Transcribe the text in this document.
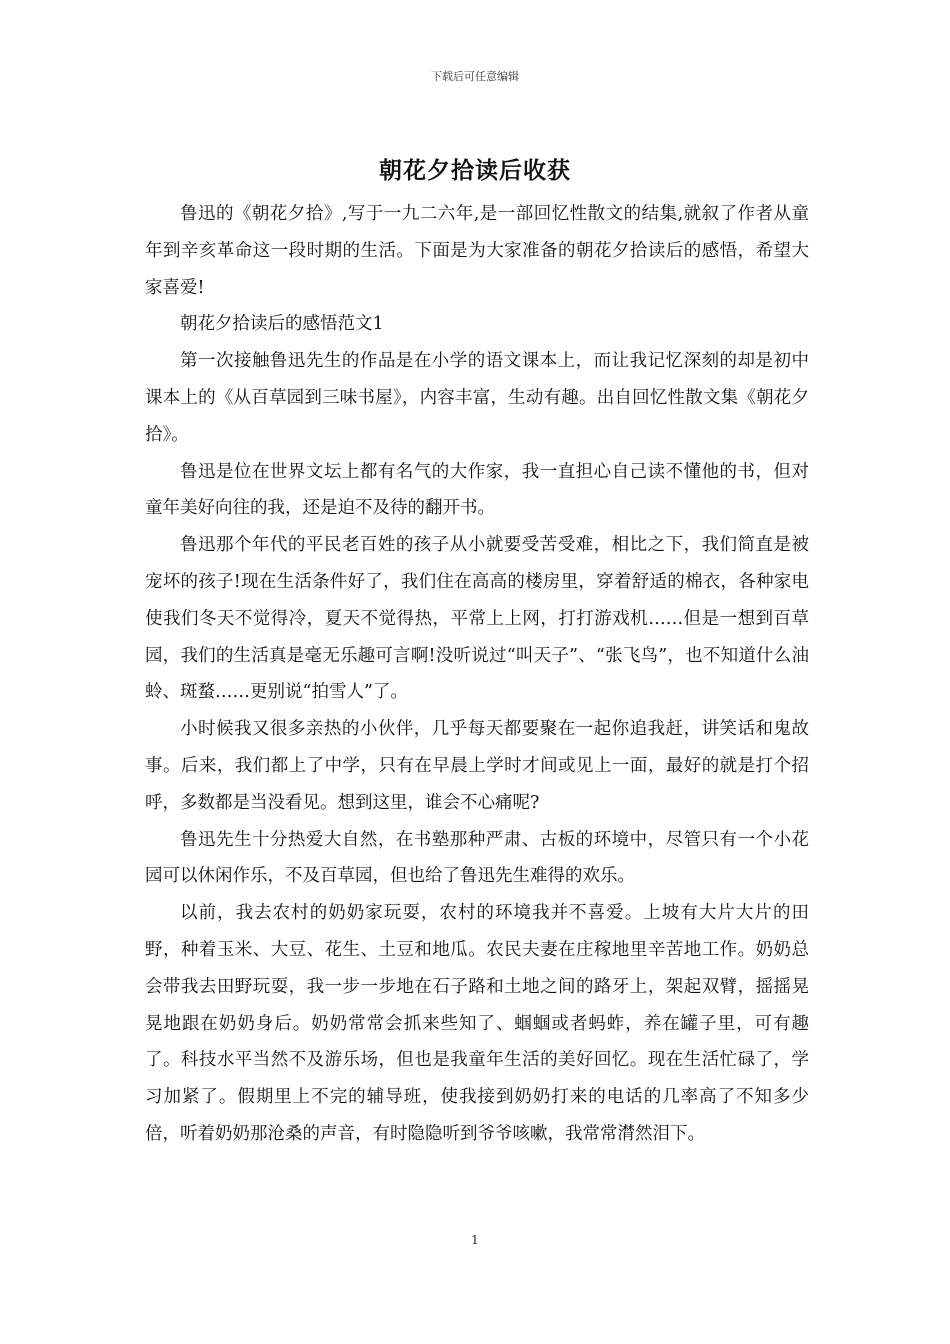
下载后可任意编辑
朝花夕拾读后收获

鲁迅的《朝花夕拾》,写于一九二六年,是一部回忆性散文的结集,就叙了作者从童年到辛亥革命这一段时期的生活。下面是为大家准备的朝花夕拾读后的感悟，希望大家喜爱!

朝花夕拾读后的感悟范文1

第一次接触鲁迅先生的作品是在小学的语文课本上，而让我记忆深刻的却是初中课本上的《从百草园到三味书屋》，内容丰富，生动有趣。出自回忆性散文集《朝花夕拾》。

鲁迅是位在世界文坛上都有名气的大作家，我一直担心自己读不懂他的书，但对童年美好向往的我，还是迫不及待的翻开书。

鲁迅那个年代的平民老百姓的孩子从小就要受苦受难，相比之下，我们简直是被宠坏的孩子!现在生活条件好了，我们住在高高的楼房里，穿着舒适的棉衣，各种家电使我们冬天不觉得冷，夏天不觉得热，平常上上网，打打游戏机……但是一想到百草园，我们的生活真是毫无乐趣可言啊!没听说过“叫天子”、“张飞鸟”，也不知道什么油蛉、斑蝥……更别说“拍雪人”了。

小时候我又很多亲热的小伙伴，几乎每天都要聚在一起你追我赶，讲笑话和鬼故事。后来，我们都上了中学，只有在早晨上学时才间或见上一面，最好的就是打个招呼，多数都是当没看见。想到这里，谁会不心痛呢?

鲁迅先生十分热爱大自然，在书塾那种严肃、古板的环境中，尽管只有一个小花园可以休闲作乐，不及百草园，但也给了鲁迅先生难得的欢乐。

以前，我去农村的奶奶家玩耍，农村的环境我并不喜爱。上坡有大片大片的田野，种着玉米、大豆、花生、土豆和地瓜。农民夫妻在庄稼地里辛苦地工作。奶奶总会带我去田野玩耍，我一步一步地在石子路和土地之间的路牙上，架起双臂，摇摇晃晃地跟在奶奶身后。奶奶常常会抓来些知了、蝈蝈或者蚂蚱，养在罐子里，可有趣了。科技水平当然不及游乐场，但也是我童年生活的美好回忆。现在生活忙碌了，学习加紧了。假期里上不完的辅导班，使我接到奶奶打来的电话的几率高了不知多少倍，听着奶奶那沧桑的声音，有时隐隐听到爷爷咳嗽，我常常潸然泪下。

1
